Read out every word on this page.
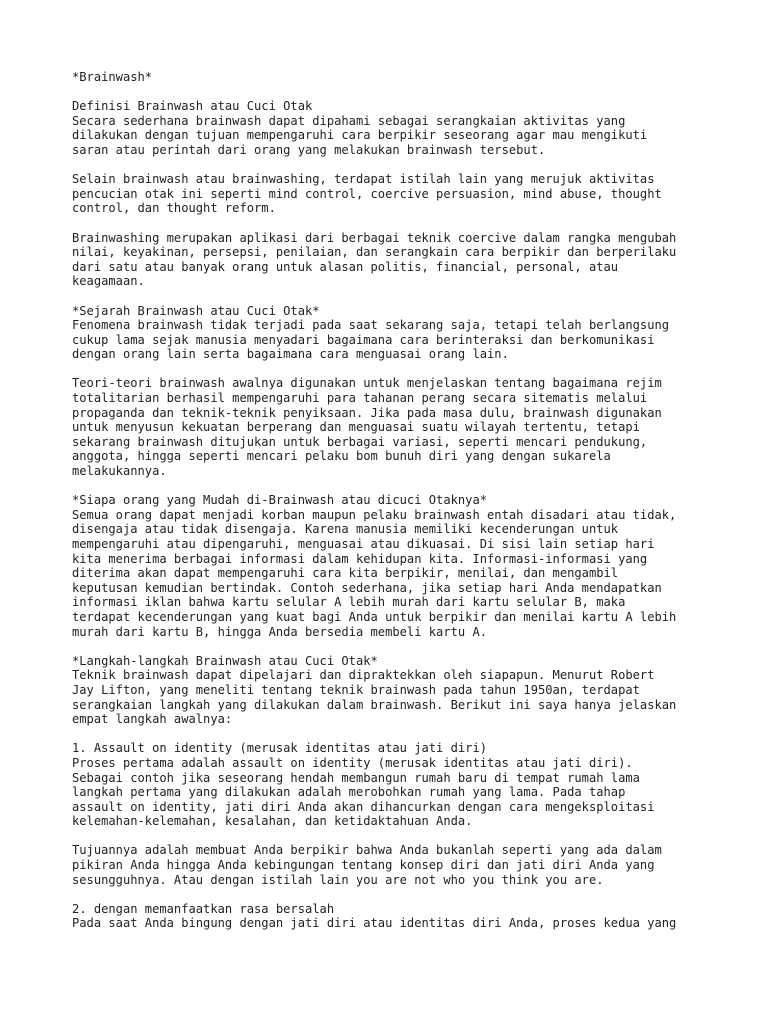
*Brainwash*
Definisi Brainwash atau Cuci Otak
Secara sederhana brainwash dapat dipahami sebagai serangkaian aktivitas yang
dilakukan dengan tujuan mempengaruhi cara berpikir seseorang agar mau mengikuti
saran atau perintah dari orang yang melakukan brainwash tersebut.
Selain brainwash atau brainwashing, terdapat istilah lain yang merujuk aktivitas
pencucian otak ini seperti mind control, coercive persuasion, mind abuse, thought
control, dan thought reform.
Brainwashing merupakan aplikasi dari berbagai teknik coercive dalam rangka mengubah
nilai, keyakinan, persepsi, penilaian, dan serangkain cara berpikir dan berperilaku
dari satu atau banyak orang untuk alasan politis, financial, personal, atau
keagamaan.
*Sejarah Brainwash atau Cuci Otak*
Fenomena brainwash tidak terjadi pada saat sekarang saja, tetapi telah berlangsung
cukup lama sejak manusia menyadari bagaimana cara berinteraksi dan berkomunikasi
dengan orang lain serta bagaimana cara menguasai orang lain.
Teori-teori brainwash awalnya digunakan untuk menjelaskan tentang bagaimana rejim
totalitarian berhasil mempengaruhi para tahanan perang secara sitematis melalui
propaganda dan teknik-teknik penyiksaan. Jika pada masa dulu, brainwash digunakan
untuk menyusun kekuatan berperang dan menguasai suatu wilayah tertentu, tetapi
sekarang brainwash ditujukan untuk berbagai variasi, seperti mencari pendukung,
anggota, hingga seperti mencari pelaku bom bunuh diri yang dengan sukarela
melakukannya.
*Siapa orang yang Mudah di-Brainwash atau dicuci Otaknya*
Semua orang dapat menjadi korban maupun pelaku brainwash entah disadari atau tidak,
disengaja atau tidak disengaja. Karena manusia memiliki kecenderungan untuk
mempengaruhi atau dipengaruhi, menguasai atau dikuasai. Di sisi lain setiap hari
kita menerima berbagai informasi dalam kehidupan kita. Informasi-informasi yang
diterima akan dapat mempengaruhi cara kita berpikir, menilai, dan mengambil
keputusan kemudian bertindak. Contoh sederhana, jika setiap hari Anda mendapatkan
informasi iklan bahwa kartu selular A lebih murah dari kartu selular B, maka
terdapat kecenderungan yang kuat bagi Anda untuk berpikir dan menilai kartu A lebih
murah dari kartu B, hingga Anda bersedia membeli kartu A.
*Langkah-langkah Brainwash atau Cuci Otak*
Teknik brainwash dapat dipelajari dan dipraktekkan oleh siapapun. Menurut Robert
Jay Lifton, yang meneliti tentang teknik brainwash pada tahun 1950an, terdapat
serangkaian langkah yang dilakukan dalam brainwash. Berikut ini saya hanya jelaskan
empat langkah awalnya:
1. Assault on identity (merusak identitas atau jati diri)
Proses pertama adalah assault on identity (merusak identitas atau jati diri).
Sebagai contoh jika seseorang hendah membangun rumah baru di tempat rumah lama
langkah pertama yang dilakukan adalah merobohkan rumah yang lama. Pada tahap
assault on identity, jati diri Anda akan dihancurkan dengan cara mengeksploitasi
kelemahan-kelemahan, kesalahan, dan ketidaktahuan Anda.
Tujuannya adalah membuat Anda berpikir bahwa Anda bukanlah seperti yang ada dalam
pikiran Anda hingga Anda kebingungan tentang konsep diri dan jati diri Anda yang
sesungguhnya. Atau dengan istilah lain you are not who you think you are.
2. dengan memanfaatkan rasa bersalah
Pada saat Anda bingung dengan jati diri atau identitas diri Anda, proses kedua yang
